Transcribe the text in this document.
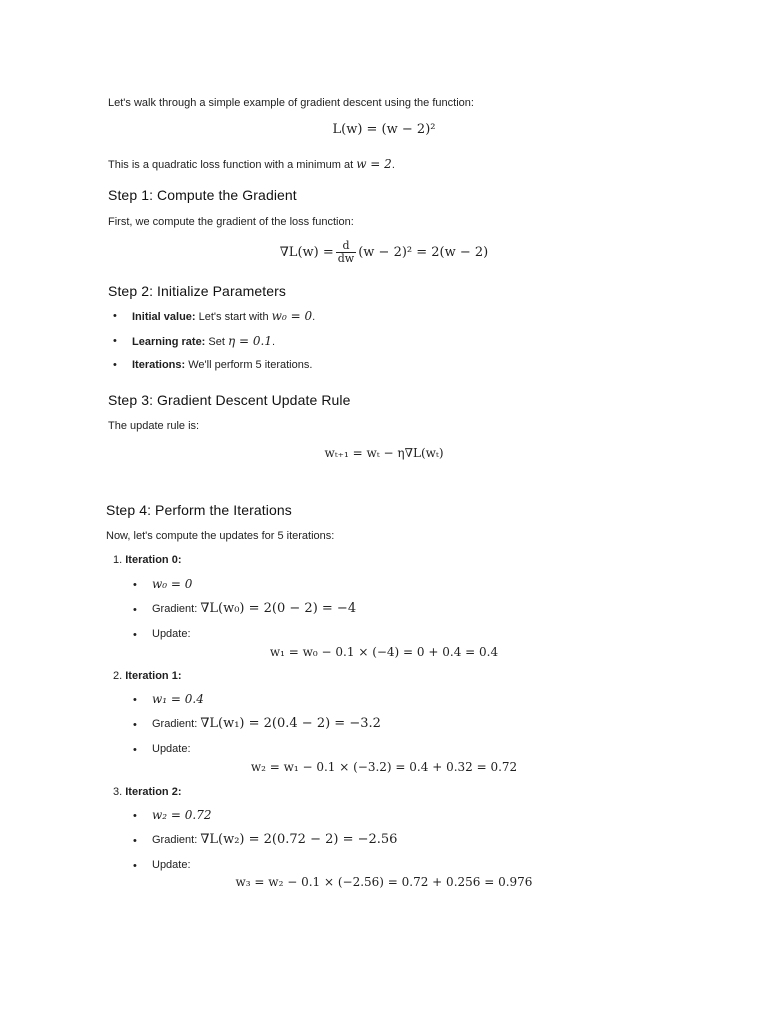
Let's walk through a simple example of gradient descent using the function:
L(w) = (w − 2)²
This is a quadratic loss function with a minimum at w = 2.
Step 1: Compute the Gradient
First, we compute the gradient of the loss function:
$\nabla L(w) = \frac{d}{dw} (w - 2)^2 = 2(w - 2)$
Step 2: Initialize Parameters
• Initial value: Let's start with w₀ = 0.
• Learning rate: Set η = 0.1.
• Iterations: We'll perform 5 iterations.
Step 3: Gradient Descent Update Rule
The update rule is:
wₜ₊₁ = wₜ − η∇L(wₜ)
Step 4: Perform the Iterations
Now, let's compute the updates for 5 iterations:
1. Iteration 0:
• w₀ = 0
• Gradient: ∇L(w₀) = 2(0 − 2) = −4
• Update:
w₁ = w₀ − 0.1 × (−4) = 0 + 0.4 = 0.4
2. Iteration 1:
• w₁ = 0.4
• Gradient: ∇L(w₁) = 2(0.4 − 2) = −3.2
• Update:
w₂ = w₁ − 0.1 × (−3.2) = 0.4 + 0.32 = 0.72
3. Iteration 2:
• w₂ = 0.72
• Gradient: ∇L(w₂) = 2(0.72 − 2) = −2.56
• Update:
w₃ = w₂ − 0.1 × (−2.56) = 0.72 + 0.256 = 0.976
